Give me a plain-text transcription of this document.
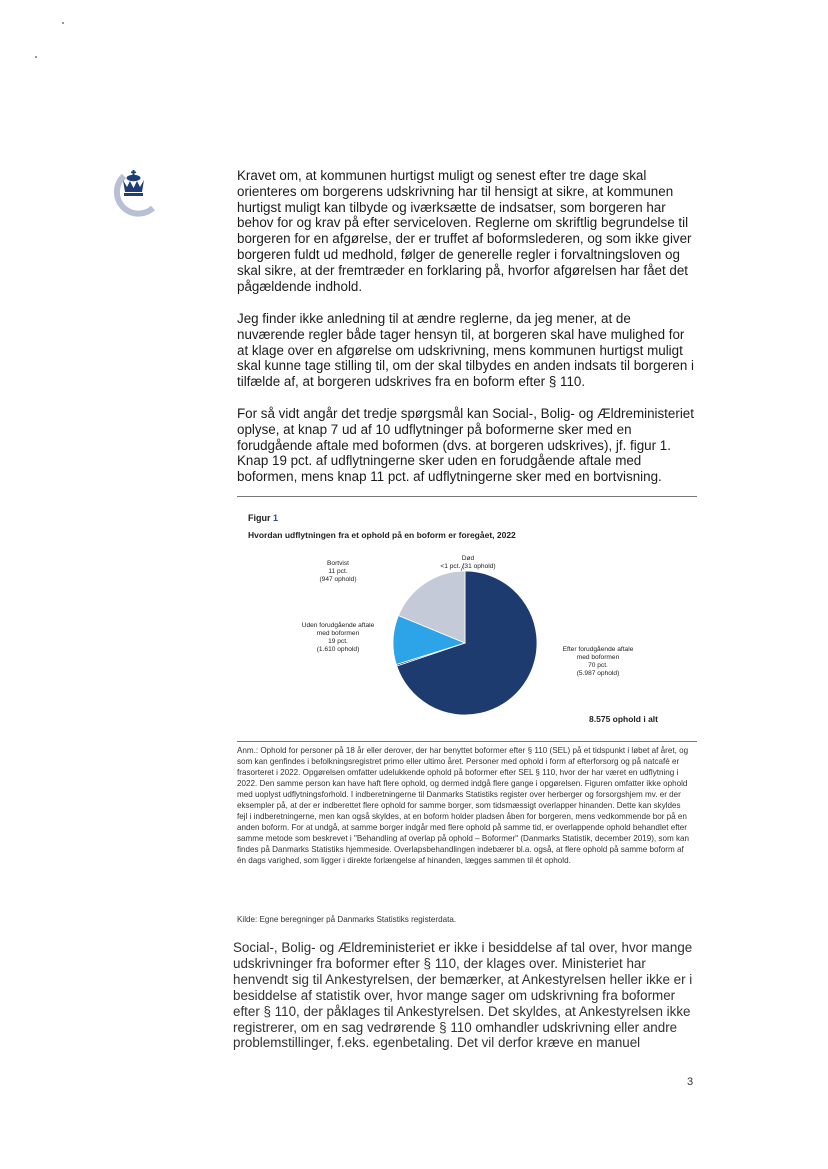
Kravet om, at kommunen hurtigst muligt og senest efter tre dage skal orienteres om borgerens udskrivning har til hensigt at sikre, at kommunen hurtigst muligt kan tilbyde og iværksætte de indsatser, som borgeren har behov for og krav på efter serviceloven. Reglerne om skriftlig begrundelse til borgeren for en afgørelse, der er truffet af boformslederen, og som ikke giver borgeren fuldt ud medhold, følger de generelle regler i forvaltningsloven og skal sikre, at der fremtræder en forklaring på, hvorfor afgørelsen har fået det pågældende indhold.

Jeg finder ikke anledning til at ændre reglerne, da jeg mener, at de nuværende regler både tager hensyn til, at borgeren skal have mulighed for at klage over en afgørelse om udskrivning, mens kommunen hurtigst muligt skal kunne tage stilling til, om der skal tilbydes en anden indsats til borgeren i tilfælde af, at borgeren udskrives fra en boform efter § 110.

For så vidt angår det tredje spørgsmål kan Social-, Bolig- og Ældreministeriet oplyse, at knap 7 ud af 10 udflytninger på boformerne sker med en forudgående aftale med boformen (dvs. at borgeren udskrives), jf. figur 1. Knap 19 pct. af udflytningerne sker uden en forudgående aftale med boformen, mens knap 11 pct. af udflytningerne sker med en bortvisning.

Figur 1
Hvordan udflytningen fra et ophold på en boform er foregået, 2022
Efter forudgående aftale
med boformen
70 pct.
(5.987 ophold)
Død
<1 pct. (31 ophold)
Bortvist
11 pct.
(947 ophold)
Uden forudgående aftale
med boformen
19 pct.
(1.610 ophold)
8.575 ophold i alt

Anm.: Ophold for personer på 18 år eller derover, der har benyttet boformer efter § 110 (SEL) på et tidspunkt i løbet af året, og som kan genfindes i befolkningsregistret primo eller ultimo året. Personer med ophold i form af efterforsorg og på natcafé er frasorteret i 2022. Opgørelsen omfatter udelukkende ophold på boformer efter SEL § 110, hvor der har været en udflytning i 2022. Den samme person kan have haft flere ophold, og dermed indgå flere gange i opgørelsen. Figuren omfatter ikke ophold med uoplyst udflytningsforhold. I indberetningerne til Danmarks Statistiks register over herberger og forsorgshjem mv. er der eksempler på, at der er indberettet flere ophold for samme borger, som tidsmæssigt overlapper hinanden. Dette kan skyldes fejl i indberetningerne, men kan også skyldes, at en boform holder pladsen åben for borgeren, mens vedkommende bor på en anden boform. For at undgå, at samme borger indgår med flere ophold på samme tid, er overlappende ophold behandlet efter samme metode som beskrevet i "Behandling af overlap på ophold – Boformer" (Danmarks Statistik, december 2019), som kan findes på Danmarks Statistiks hjemmeside. Overlapsbehandlingen indebærer bl.a. også, at flere ophold på samme boform af én dags varighed, som ligger i direkte forlængelse af hinanden, lægges sammen til ét ophold.

Kilde: Egne beregninger på Danmarks Statistiks registerdata.

Social-, Bolig- og Ældreministeriet er ikke i besiddelse af tal over, hvor mange udskrivninger fra boformer efter § 110, der klages over. Ministeriet har henvendt sig til Ankestyrelsen, der bemærker, at Ankestyrelsen heller ikke er i besiddelse af statistik over, hvor mange sager om udskrivning fra boformer efter § 110, der påklages til Ankestyrelsen. Det skyldes, at Ankestyrelsen ikke registrerer, om en sag vedrørende § 110 omhandler udskrivning eller andre problemstillinger, f.eks. egenbetaling. Det vil derfor kræve en manuel

3
